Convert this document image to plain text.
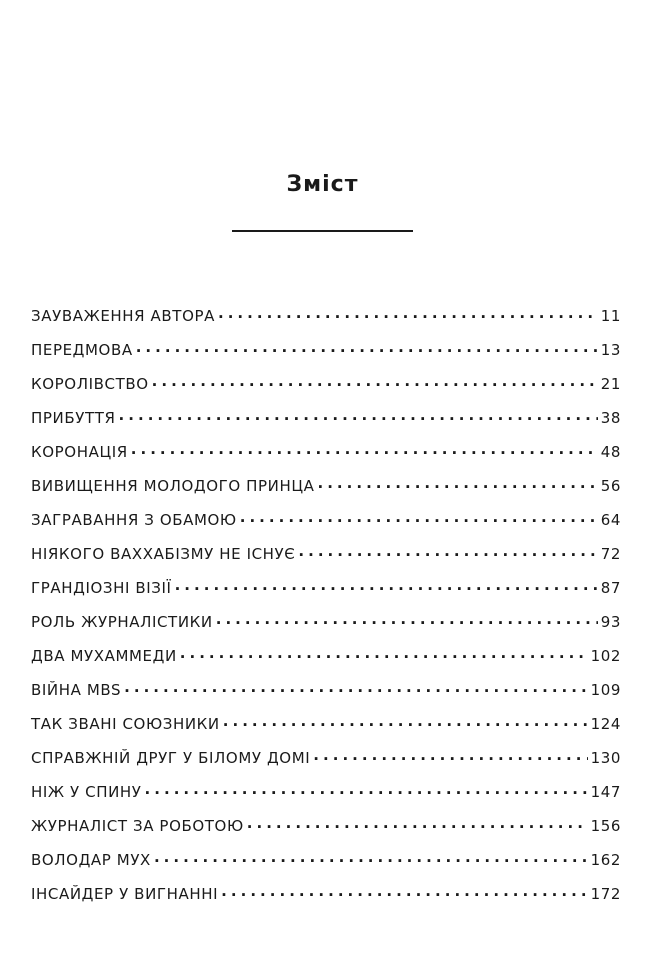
Зміст
ЗАУВАЖЕННЯ АВТОРА . . .	11
ПЕРЕДМОВА . . .	13
КОРОЛІВСТВО . . .	21
ПРИБУТТЯ . . .	38
КОРОНАЦІЯ . . .	48
ВИВИЩЕННЯ МОЛОДОГО ПРИНЦА . . .	56
ЗАГРАВАННЯ З ОБАМОЮ . . .	64
НІЯКОГО ВАХХАБІЗМУ НЕ ІСНУЄ . . .	72
ГРАНДІОЗНІ ВІЗІЇ . . .	87
РОЛЬ ЖУРНАЛІСТИКИ . . .	93
ДВА МУХАММЕДИ . . .	102
ВІЙНА MBS . . .	109
ТАК ЗВАНІ СОЮЗНИКИ . . .	124
СПРАВЖНІЙ ДРУГ У БІЛОМУ ДОМІ . . .	130
НІЖ У СПИНУ . . .	147
ЖУРНАЛІСТ ЗА РОБОТОЮ . . .	156
ВОЛОДАР МУХ . . .	162
ІНСАЙДЕР У ВИГНАННІ . . .	172
